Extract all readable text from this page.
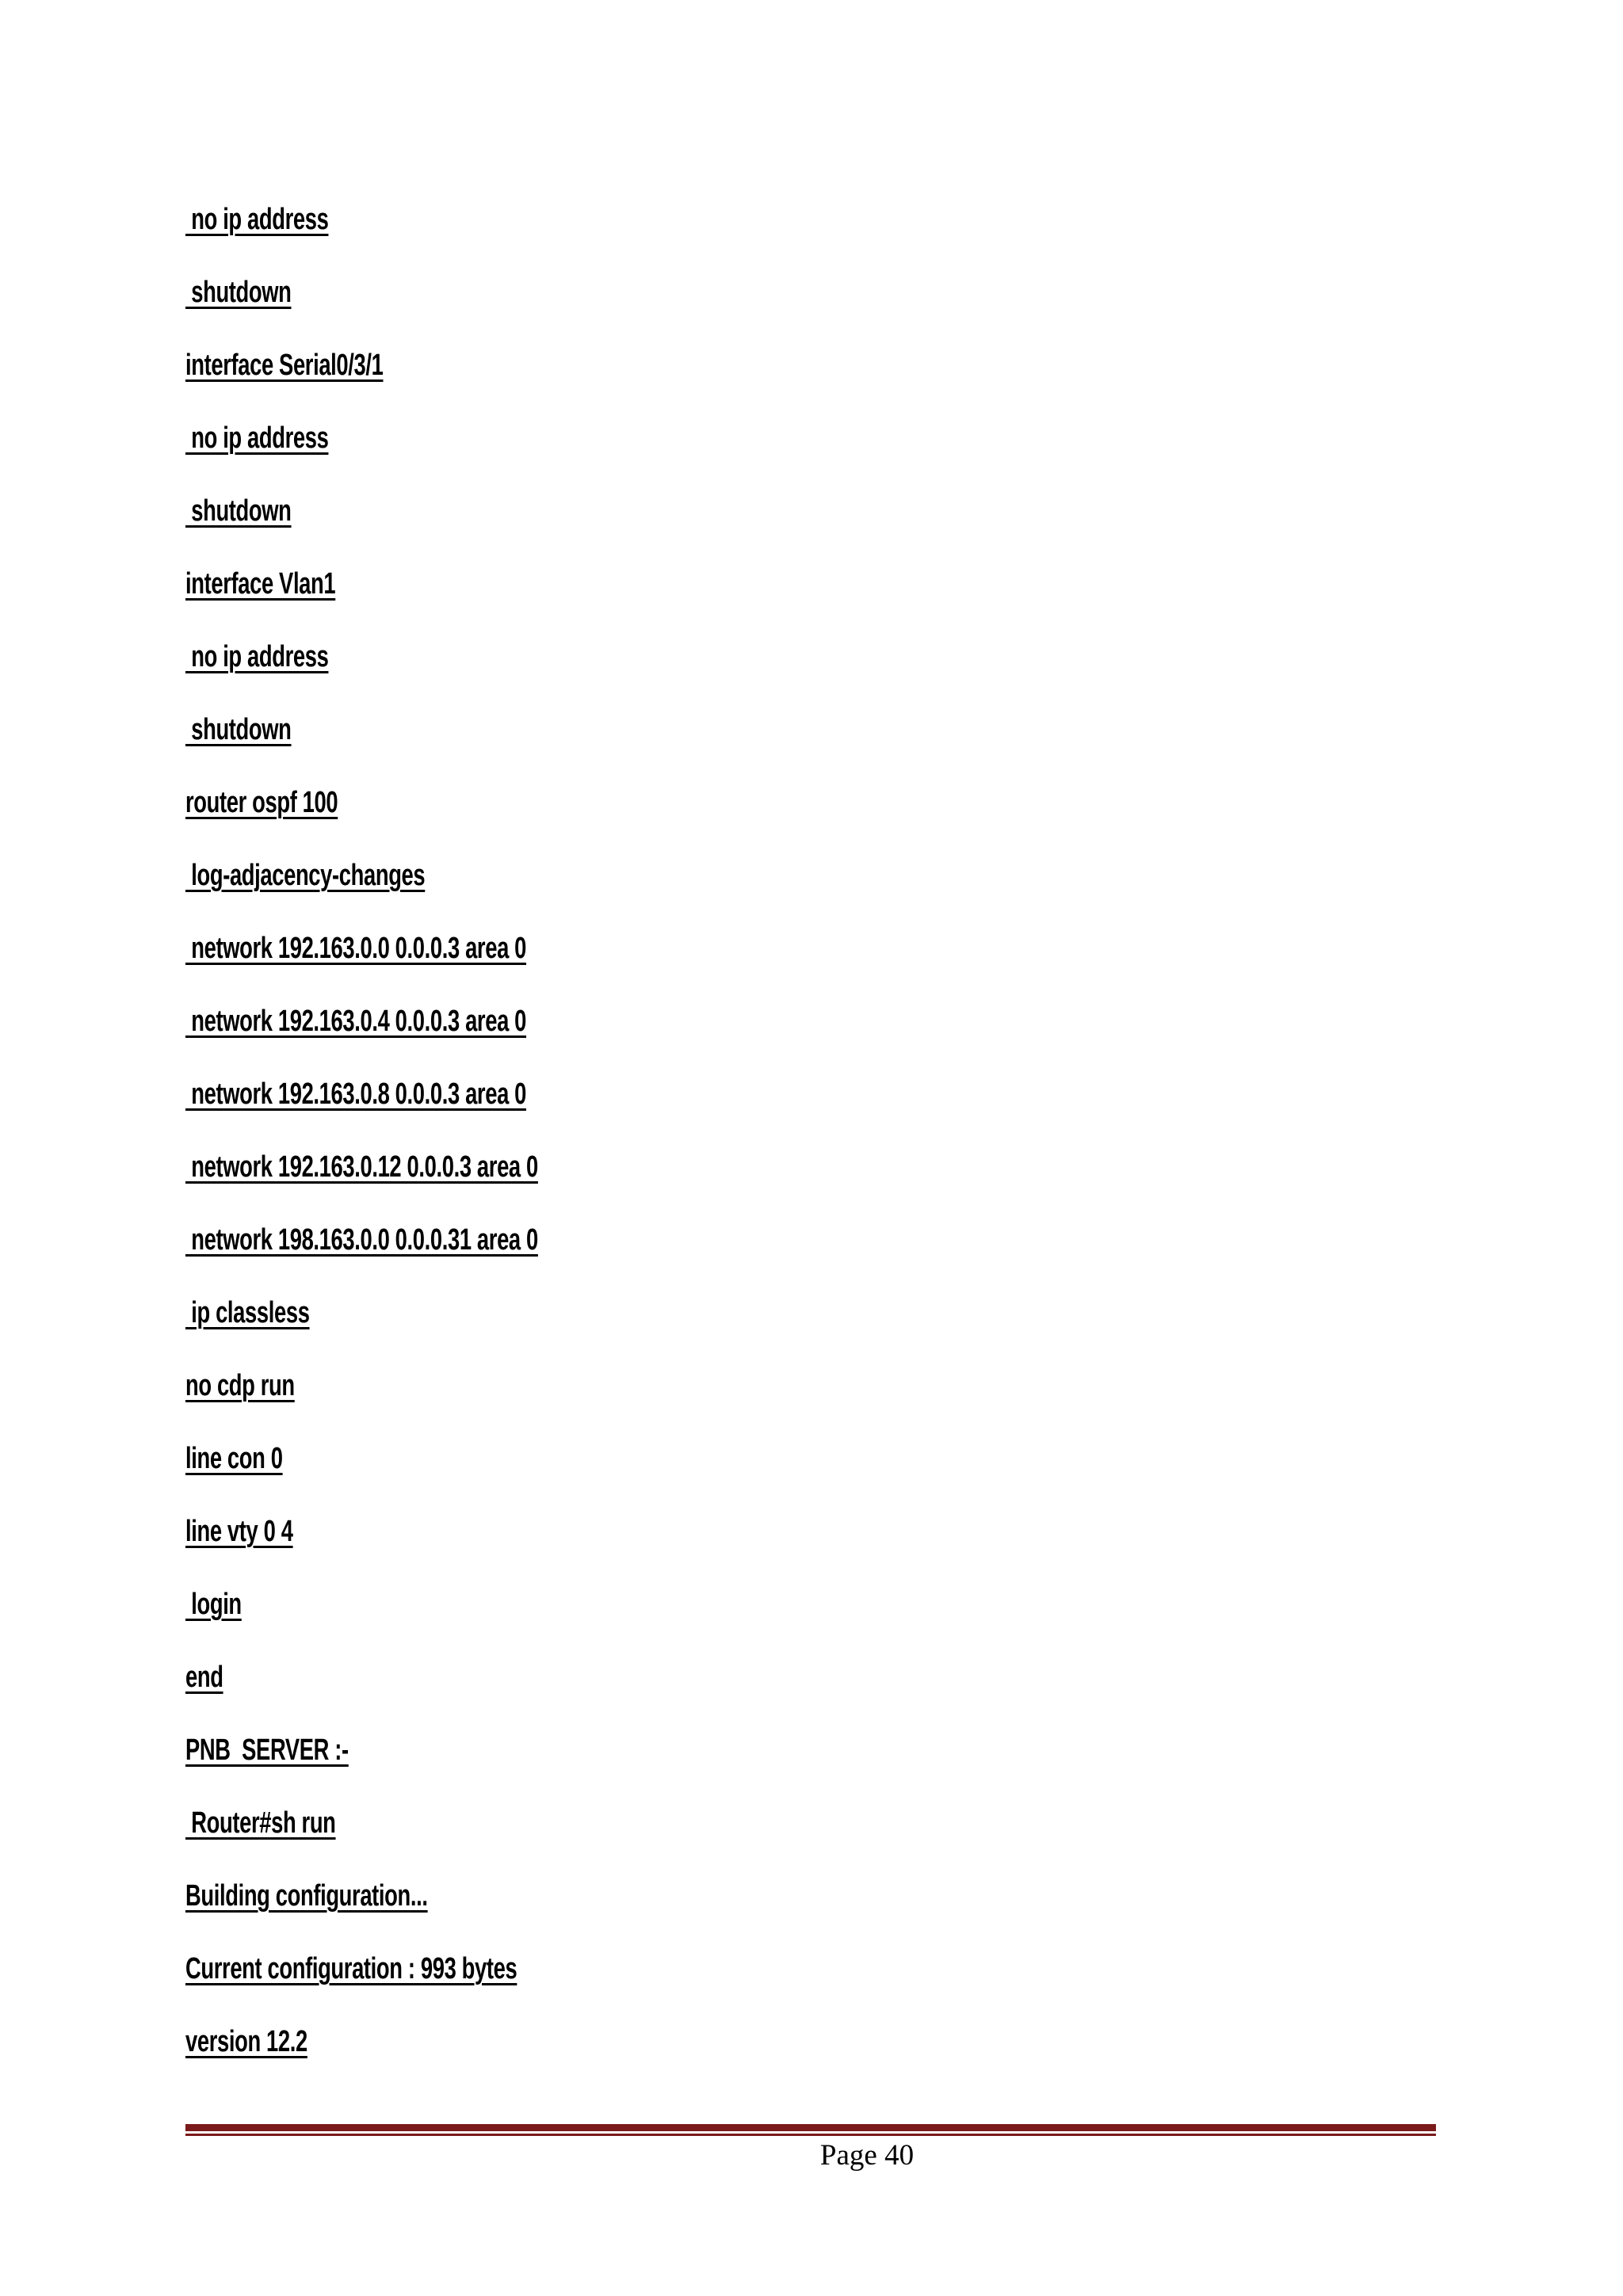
no ip address
shutdown
interface Serial0/3/1
no ip address
shutdown
interface Vlan1
no ip address
shutdown
router ospf 100
log-adjacency-changes
network 192.163.0.0 0.0.0.3 area 0
network 192.163.0.4 0.0.0.3 area 0
network 192.163.0.8 0.0.0.3 area 0
network 192.163.0.12 0.0.0.3 area 0
network 198.163.0.0 0.0.0.31 area 0
ip classless
no cdp run
line con 0
line vty 0 4
login
end
PNB  SERVER :-
Router#sh run
Building configuration...
Current configuration : 993 bytes
version 12.2
Page 40
